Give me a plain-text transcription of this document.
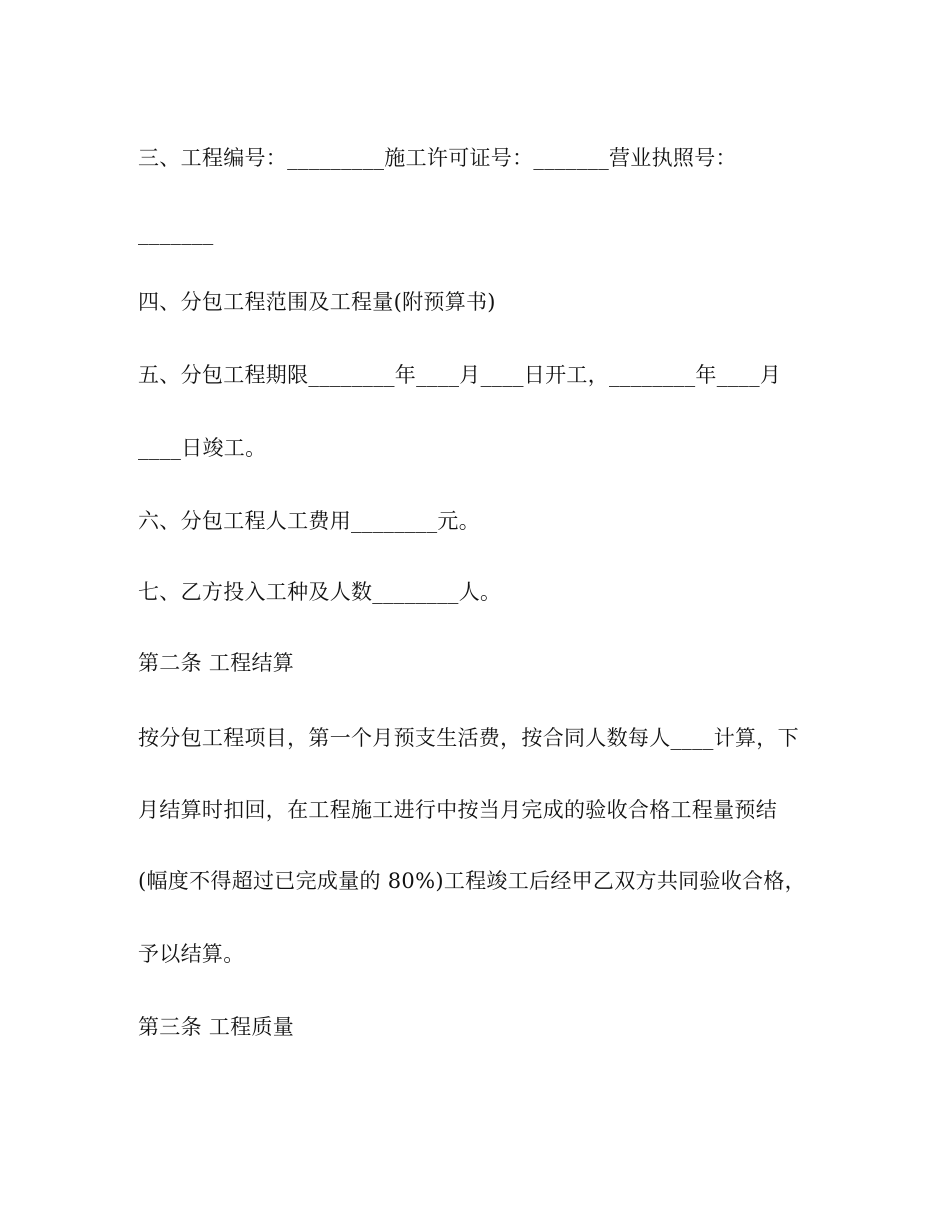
三、工程编号：_________施工许可证号：_______营业执照号：
_______
四、分包工程范围及工程量(附预算书)
五、分包工程期限________年____月____日开工，________年____月
____日竣工。
六、分包工程人工费用________元。
七、乙方投入工种及人数________人。
第二条 工程结算
按分包工程项目，第一个月预支生活费，按合同人数每人____计算，下
月结算时扣回，在工程施工进行中按当月完成的验收合格工程量预结
(幅度不得超过已完成量的 80%)工程竣工后经甲乙双方共同验收合格，
予以结算。
第三条 工程质量
